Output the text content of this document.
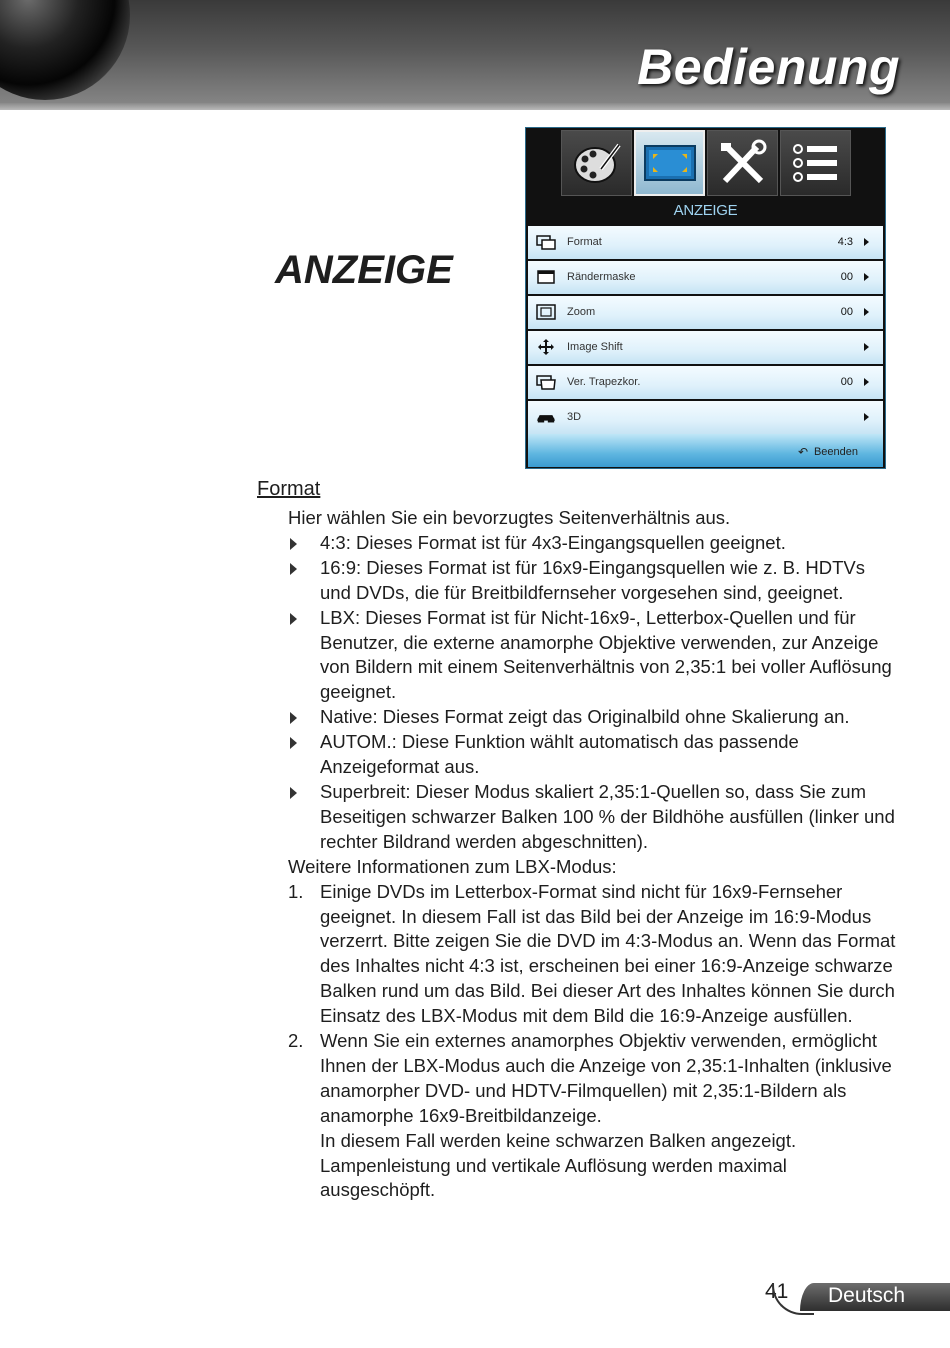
Bedienung
ANZEIGE
Format	4:3
Rändermaske	00
Zoom	00
Image Shift
Ver. Trapezkor.	00
3D
↶ Beenden
ANZEIGE
Format

Hier wählen Sie ein bevorzugtes Seitenverhältnis aus.

4:3: Dieses Format ist für 4x3-Eingangsquellen geeignet.
16:9: Dieses Format ist für 16x9-Eingangsquellen wie z. B. HDTVs und DVDs, die für Breitbildfernseher vorgesehen sind, geeignet.
LBX: Dieses Format ist für Nicht-16x9-, Letterbox-Quellen und für Benutzer, die externe anamorphe Objektive verwenden, zur Anzeige von Bildern mit einem Seitenverhältnis von 2,35:1 bei voller Auflösung geeignet.
Native: Dieses Format zeigt das Originalbild ohne Skalierung an.
AUTOM.: Diese Funktion wählt automatisch das passende Anzeigeformat aus.
Superbreit: Dieser Modus skaliert 2,35:1-Quellen so, dass Sie zum Beseitigen schwarzer Balken 100 % der Bildhöhe ausfüllen (linker und rechter Bildrand werden abgeschnitten).

Weitere Informationen zum LBX-Modus:

1. Einige DVDs im Letterbox-Format sind nicht für 16x9-Fernseher geeignet. In diesem Fall ist das Bild bei der Anzeige im 16:9-Modus verzerrt. Bitte zeigen Sie die DVD im 4:3-Modus an. Wenn das Format des Inhaltes nicht 4:3 ist, erscheinen bei einer 16:9-Anzeige schwarze Balken rund um das Bild. Bei dieser Art des Inhaltes können Sie durch Einsatz des LBX-Modus mit dem Bild die 16:9-Anzeige ausfüllen.
2. Wenn Sie ein externes anamorphes Objektiv verwenden, ermöglicht Ihnen der LBX-Modus auch die Anzeige von 2,35:1-Inhalten (inklusive anamorpher DVD- und HDTV-Filmquellen) mit 2,35:1-Bildern als anamorphe 16x9-Breitbildanzeige.
In diesem Fall werden keine schwarzen Balken angezeigt. Lampenleistung und vertikale Auflösung werden maximal ausgeschöpft.
41 Deutsch
